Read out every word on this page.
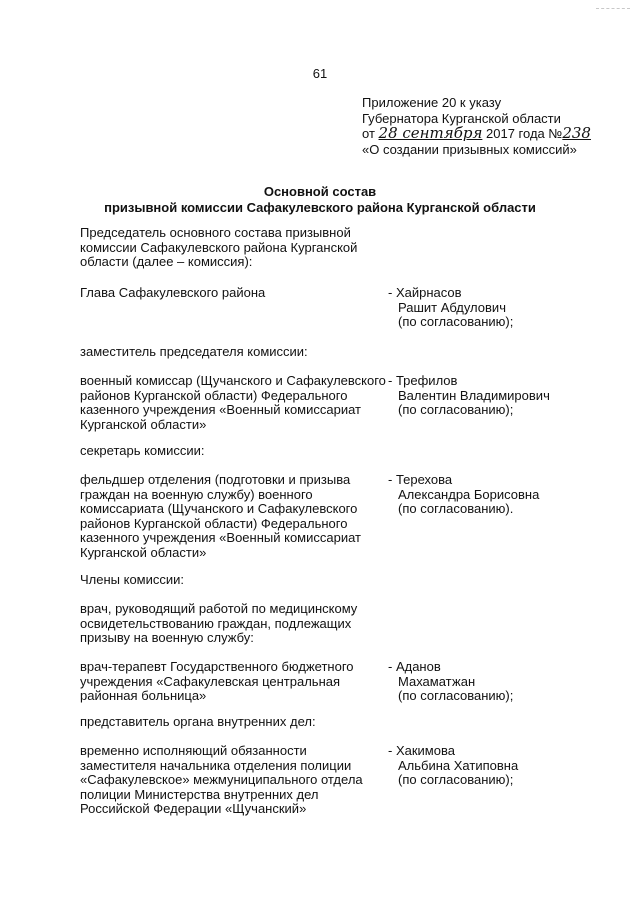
61
Приложение 20 к указу
Губернатора Курганской области
от 28 сентября 2017 года №238
«О создании призывных комиссий»
Основной состав
призывной комиссии Сафакулевского района Курганской области
Председатель основного состава призывной
комиссии Сафакулевского района Курганской
области (далее – комиссия):
Глава Сафакулевского района	- Хайрнасов
Рашит Абдулович
(по согласованию);
заместитель председателя комиссии:
военный комиссар (Щучанского и Сафакулевского
районов Курганской области) Федерального
казенного учреждения «Военный комиссариат
Курганской области»
- Трефилов
Валентин Владимирович
(по согласованию);
секретарь комиссии:
фельдшер отделения (подготовки и призыва
граждан на военную службу) военного
комиссариата (Щучанского и Сафакулевского
районов Курганской области) Федерального
казенного учреждения «Военный комиссариат
Курганской области»
- Терехова
Александра Борисовна
(по согласованию).
Члены комиссии:
врач, руководящий работой по медицинскому
освидетельствованию граждан, подлежащих
призыву на военную службу:
врач-терапевт Государственного бюджетного
учреждения «Сафакулевская центральная
районная больница»
- Аданов
Махаматжан
(по согласованию);
представитель органа внутренних дел:
временно исполняющий обязанности
заместителя начальника отделения полиции
«Сафакулевское» межмуниципального отдела
полиции Министерства внутренних дел
Российской Федерации «Щучанский»
- Хакимова
Альбина Хатиповна
(по согласованию);
